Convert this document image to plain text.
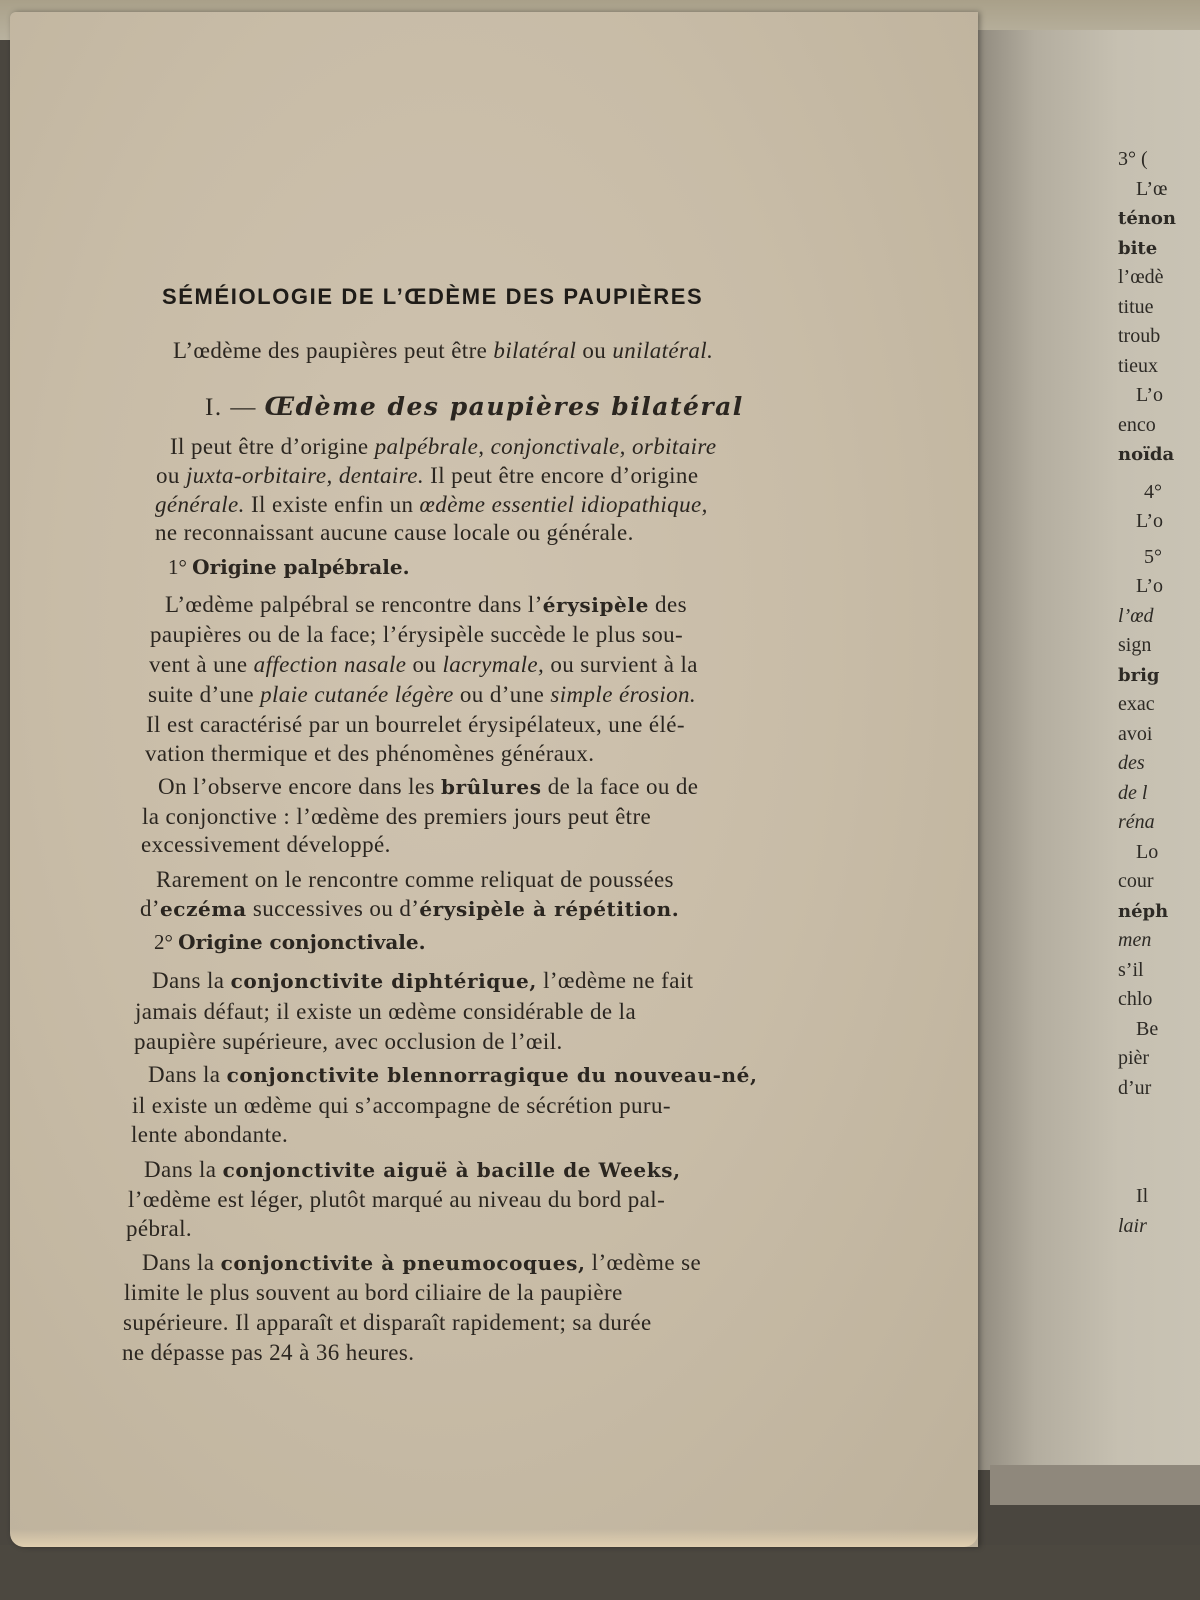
3° (
L’œ
ténon
bite
l’œdè
titue
troub
tieux
L’o
enco
noïda
4°
L’o
5°
L’o
l’œd
sign
brig
exac
avoi
des
de l
réna
Lo
cour
néph
men
s’il
chlo
Be
pièr
d’ur
Il
lair
SÉMÉIOLOGIE DE L’ŒDÈME DES PAUPIÈRES
L’œdème des paupières peut être bilatéral ou unilatéral.
I. — Œdème des paupières bilatéral
Il peut être d’origine palpébrale, conjonctivale, orbitaire
ou juxta-orbitaire, dentaire. Il peut être encore d’origine
générale. Il existe enfin un œdème essentiel idiopathique,
ne reconnaissant aucune cause locale ou générale.
1° Origine palpébrale.
L’œdème palpébral se rencontre dans l’érysipèle des
paupières ou de la face; l’érysipèle succède le plus sou-
vent à une affection nasale ou lacrymale, ou survient à la
suite d’une plaie cutanée légère ou d’une simple érosion.
Il est caractérisé par un bourrelet érysipélateux, une élé-
vation thermique et des phénomènes généraux.
On l’observe encore dans les brûlures de la face ou de
la conjonctive : l’œdème des premiers jours peut être
excessivement développé.
Rarement on le rencontre comme reliquat de poussées
d’eczéma successives ou d’érysipèle à répétition.
2° Origine conjonctivale.
Dans la conjonctivite diphtérique, l’œdème ne fait
jamais défaut; il existe un œdème considérable de la
paupière supérieure, avec occlusion de l’œil.
Dans la conjonctivite blennorragique du nouveau-né,
il existe un œdème qui s’accompagne de sécrétion puru-
lente abondante.
Dans la conjonctivite aiguë à bacille de Weeks,
l’œdème est léger, plutôt marqué au niveau du bord pal-
pébral.
Dans la conjonctivite à pneumocoques, l’œdème se
limite le plus souvent au bord ciliaire de la paupière
supérieure. Il apparaît et disparaît rapidement; sa durée
ne dépasse pas 24 à 36 heures.
